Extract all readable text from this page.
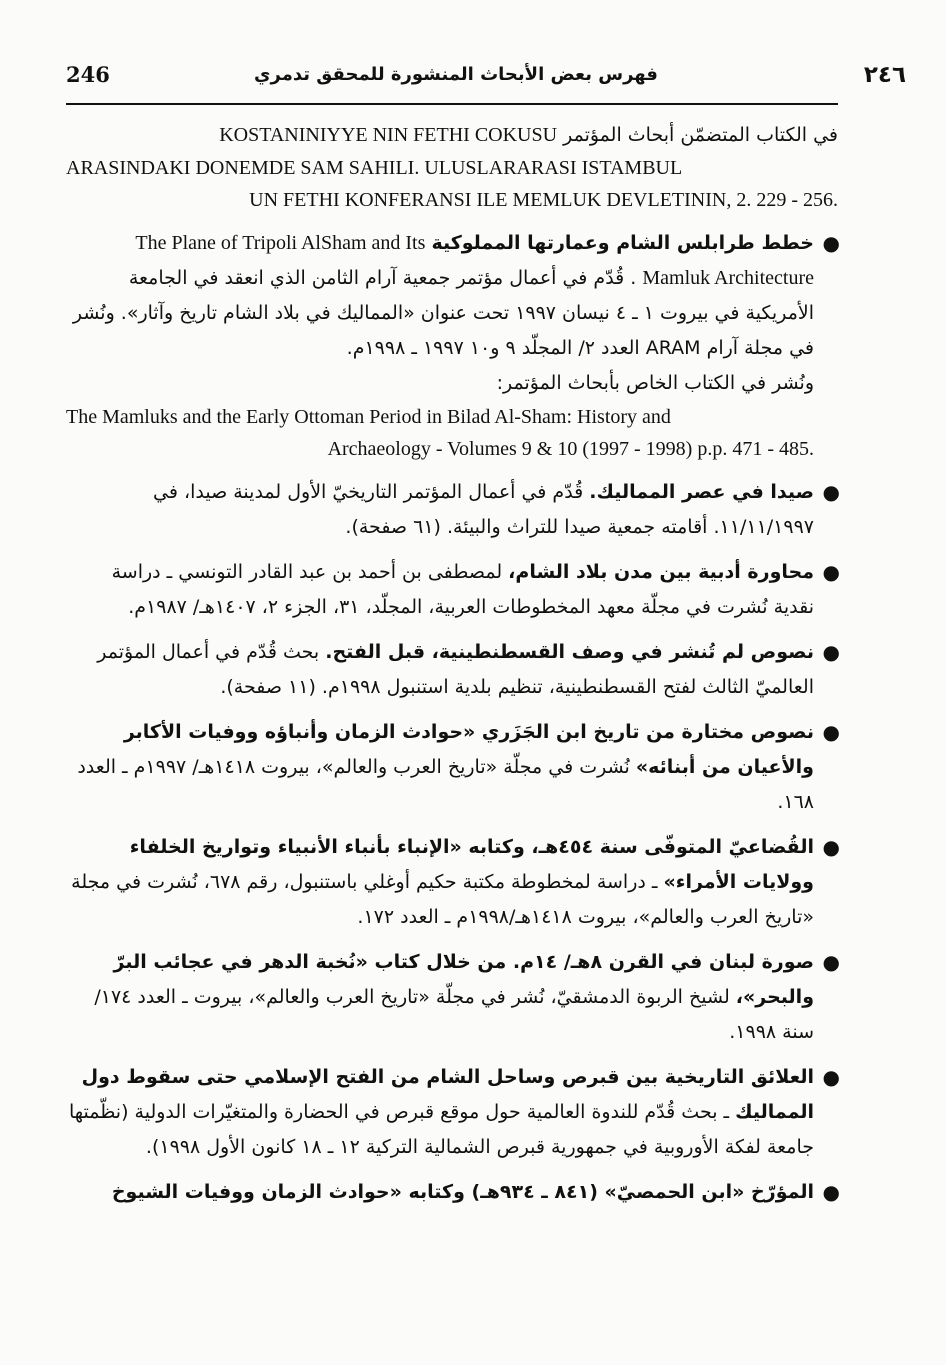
246	فهرس بعض الأبحاث المنشورة للمحقق تدمري	٢٤٦
في الكتاب المتضمّن أبحاث المؤتمر KOSTANINIYYE NIN FETHI COKUSU
ARASINDAKI DONEMDE SAM SAHILI. ULUSLARARASI ISTAMBUL
UN FETHI KONFERANSI ILE MEMLUK DEVLETININ, 2. 229 - 256.
●
خطط طرابلس الشام وعمارتها المملوكية The Plane of Tripoli AlSham and Its Mamluk Architecture . قُدّم في أعمال مؤتمر جمعية آرام الثامن الذي انعقد في الجامعة الأمريكية في بيروت ١ ـ ٤ نيسان ١٩٩٧ تحت عنوان «المماليك في بلاد الشام تاريخ وآثار». ونُشر في مجلة آرام ARAM العدد ٢/ المجلّد ٩ و١٠ ١٩٩٧ ـ ١٩٩٨م.
ونُشر في الكتاب الخاص بأبحاث المؤتمر:
The Mamluks and the Early Ottoman Period in Bilad Al-Sham: History and
Archaeology - Volumes 9 & 10 (1997 - 1998) p.p. 471 - 485.
●
صيدا في عصر المماليك. قُدّم في أعمال المؤتمر التاريخيّ الأول لمدينة صيدا، في ١١/١١/١٩٩٧. أقامته جمعية صيدا للتراث والبيئة. (٦١ صفحة).
●
محاورة أدبية بين مدن بلاد الشام، لمصطفى بن أحمد بن عبد القادر التونسي ـ دراسة نقدية نُشرت في مجلّة معهد المخطوطات العربية، المجلّد، ٣١، الجزء ٢، ١٤٠٧هـ/ ١٩٨٧م.
●
نصوص لم تُنشر في وصف القسطنطينية، قبل الفتح. بحث قُدّم في أعمال المؤتمر العالميّ الثالث لفتح القسطنطينية، تنظيم بلدية استنبول ١٩٩٨م. (١١ صفحة).
●
نصوص مختارة من تاريخ ابن الجَزَري «حوادث الزمان وأنباؤه ووفيات الأكابر والأعيان من أبنائه» نُشرت في مجلّة «تاريخ العرب والعالم»، بيروت ١٤١٨هـ/ ١٩٩٧م ـ العدد ١٦٨.
●
القُضاعيّ المتوفّى سنة ٤٥٤هـ، وكتابه «الإنباء بأنباء الأنبياء وتواريخ الخلفاء وولايات الأمراء» ـ دراسة لمخطوطة مكتبة حكيم أوغلي باستنبول، رقم ٦٧٨، نُشرت في مجلة «تاريخ العرب والعالم»، بيروت ١٤١٨هـ/١٩٩٨م ـ العدد ١٧٢.
●
صورة لبنان في القرن ٨هـ/ ١٤م. من خلال كتاب «نُخبة الدهر في عجائب البرّ والبحر»، لشيخ الربوة الدمشقيّ، نُشر في مجلّة «تاريخ العرب والعالم»، بيروت ـ العدد ١٧٤/ سنة ١٩٩٨.
●
العلائق التاريخية بين قبرص وساحل الشام من الفتح الإسلامي حتى سقوط دول المماليك ـ بحث قُدّم للندوة العالمية حول موقع قبرص في الحضارة والمتغيّرات الدولية (نظّمتها جامعة لفكة الأوروبية في جمهورية قبرص الشمالية التركية ١٢ ـ ١٨ كانون الأول ١٩٩٨).
●
المؤرّخ «ابن الحمصيّ» (٨٤١ ـ ٩٣٤هـ) وكتابه «حوادث الزمان ووفيات الشيوخ
